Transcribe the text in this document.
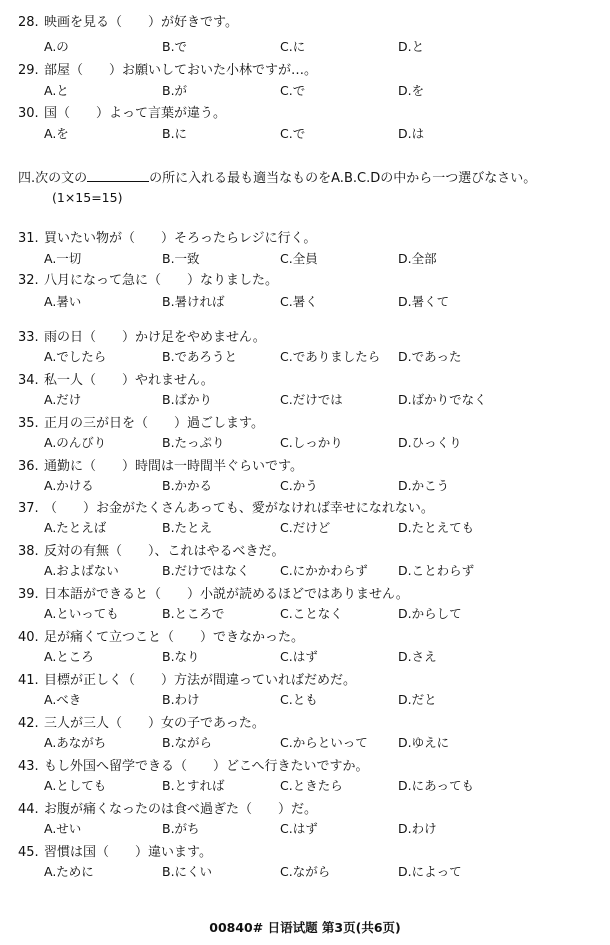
28. 映画を見る（　　）が好きです。
A.の	B.で	C.に	D.と
29. 部屋（　　）お願いしておいた小林ですが…。
A.と	B.が	C.で	D.を
30. 国（　　）よって言葉が違う。
A.を	B.に	C.で	D.は
四.次の文の	の所に入れる最も適当なものをA.B.C.Dの中から一つ選びなさい。
(1×15=15)
31. 買いたい物が（　　）そろったらレジに行く。
A.一切	B.一致	C.全員	D.全部
32. 八月になって急に（　　）なりました。
A.暑い	B.暑ければ	C.暑く	D.暑くて
33. 雨の日（　　）かけ足をやめません。
A.でしたら	B.であろうと	C.でありましたら D.であった
34. 私一人（　　）やれません。
A.だけ	B.ばかり	C.だけでは	D.ばかりでなく
35. 正月の三が日を（　　）過ごします。
A.のんびり	B.たっぷり	C.しっかり	D.ひっくり
36. 通勤に（　　）時間は一時間半ぐらいです。
A.かける	B.かかる	C.かう	D.かこう
37. （　　）お金がたくさんあっても、愛がなければ幸せになれない。
A.たとえば	B.たとえ	C.だけど	D.たとえても
38. 反対の有無（　　）、これはやるべきだ。
A.およばない	B.だけではなく C.にかかわらず D.ことわらず
39. 日本語ができると（　　）小説が読めるほどではありません。
A.といっても	B.ところで	C.ことなく	D.からして
40. 足が痛くて立つこと（　　）できなかった。
A.ところ	B.なり	C.はず	D.さえ
41. 目標が正しく（　　）方法が間違っていればだめだ。
A.べき	B.わけ	C.とも	D.だと
42. 三人が三人（　　）女の子であった。
A.あながち	B.ながら	C.からといって D.ゆえに
43. もし外国へ留学できる（　　）どこへ行きたいですか。
A.としても	B.とすれば	C.ときたら	D.にあっても
44. お腹が痛くなったのは食べ過ぎた（　　）だ。
A.せい	B.がち	C.はず	D.わけ
45. 習慣は国（　　）違います。
A.ために	B.にくい	C.ながら	D.によって
00840# 日语试题 第3页(共6页)
